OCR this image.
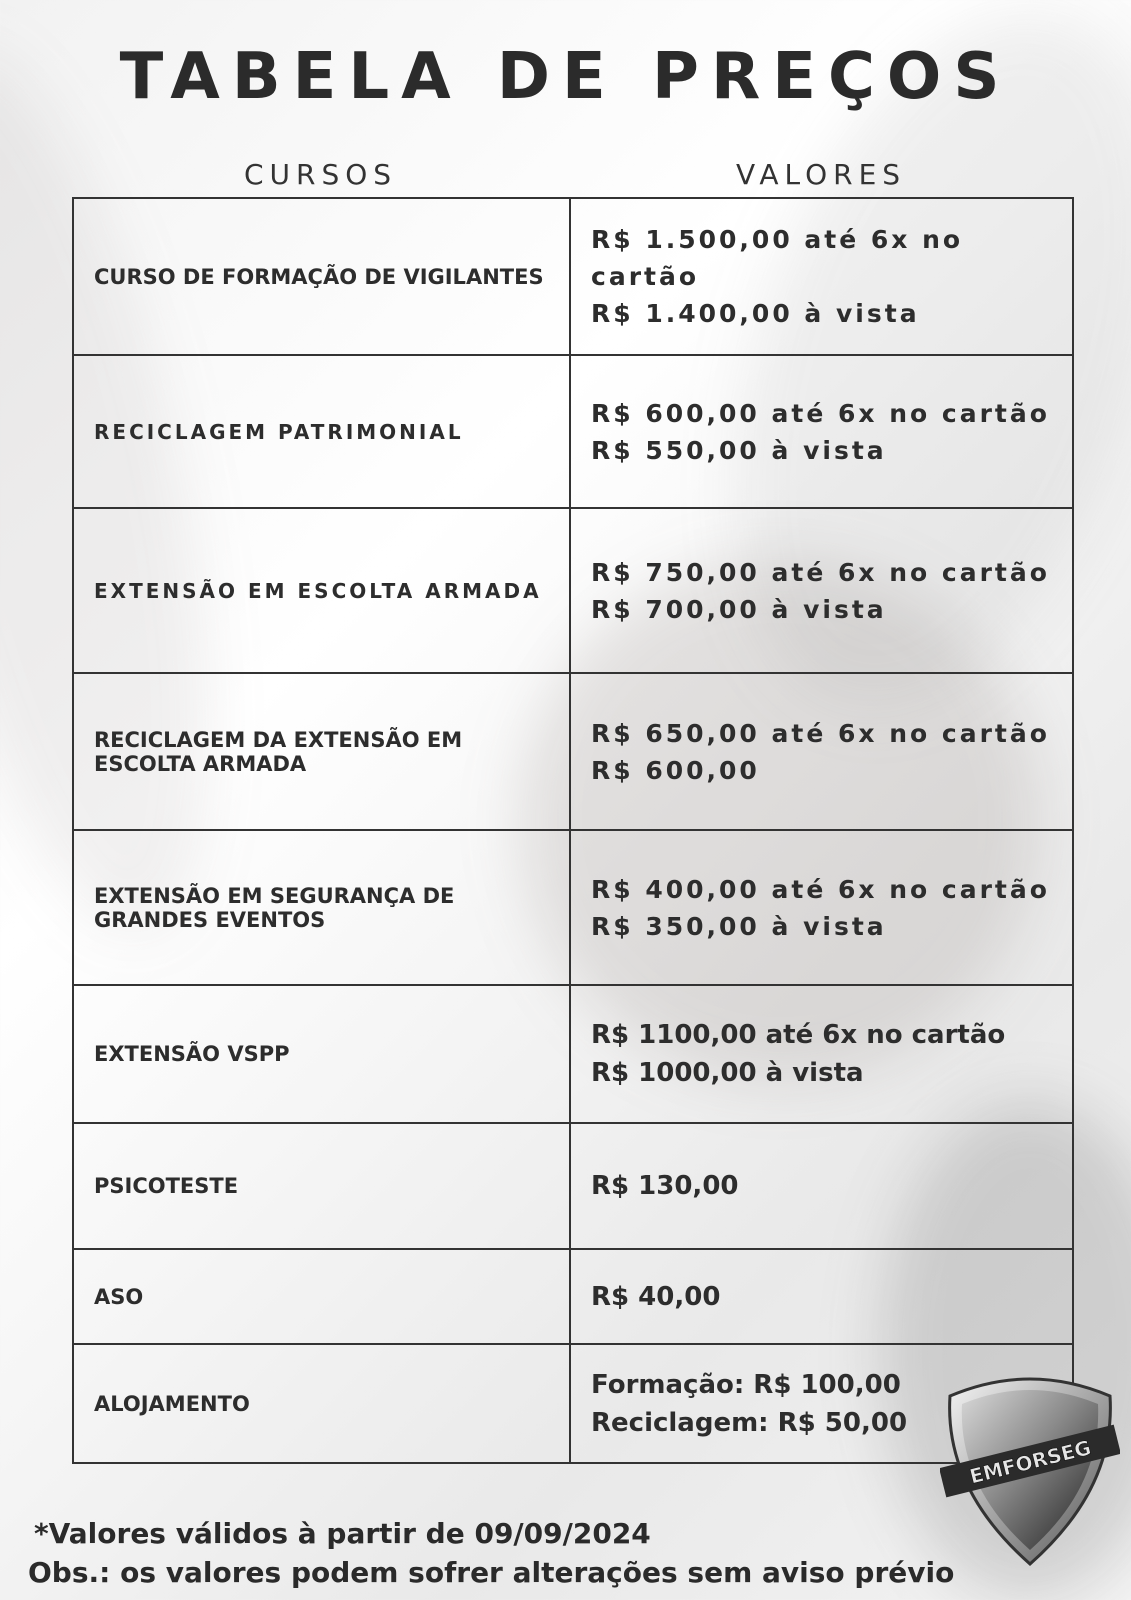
TABELA DE PREÇOS
CURSOS	VALORES
CURSO DE FORMAÇÃO DE VIGILANTES	R$ 1.500,00 até 6x no cartão
R$ 1.400,00 à vista

RECICLAGEM PATRIMONIAL	R$ 600,00 até 6x no cartão
R$ 550,00 à vista

EXTENSÃO EM ESCOLTA ARMADA	R$ 750,00 até 6x no cartão
R$ 700,00 à vista

RECICLAGEM DA EXTENSÃO EM ESCOLTA ARMADA	R$ 650,00 até 6x no cartão
R$ 600,00

EXTENSÃO EM SEGURANÇA DE GRANDES EVENTOS	R$ 400,00 até 6x no cartão
R$ 350,00 à vista

EXTENSÃO VSPP	R$ 1100,00 até 6x no cartão
R$ 1000,00 à vista

PSICOTESTE	R$ 130,00

ASO	R$ 40,00

ALOJAMENTO	Formação: R$ 100,00
Reciclagem: R$ 50,00
*Valores válidos à partir de 09/09/2024
Obs.: os valores podem sofrer alterações sem aviso prévio
EMFORSEG
